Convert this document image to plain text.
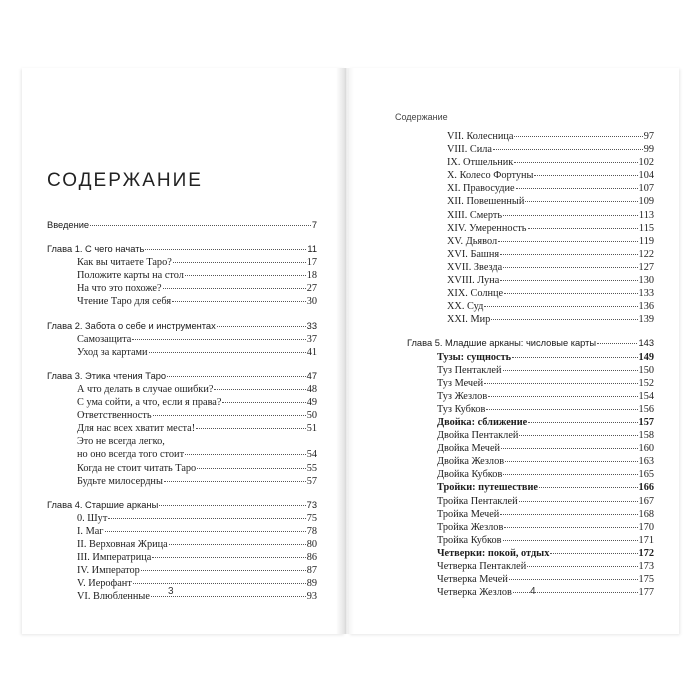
СОДЕРЖАНИЕ
Введение	7
Глава 1. С чего начать	11
Как вы читаете Таро?	17
Положите карты на стол	18
На что это похоже?	27
Чтение Таро для себя	30
Глава 2. Забота о себе и инструментах	33
Самозащита	37
Уход за картами	41
Глава 3. Этика чтения Таро	47
А что делать в случае ошибки?	48
С ума сойти, а что, если я права?	49
Ответственность	50
Для нас всех хватит места!	51
Это не всегда легко,
но оно всегда того стоит	54
Когда не стоит читать Таро	55
Будьте милосердны	57
Глава 4. Старшие арканы	73
0. Шут	75
I. Маг	78
II. Верховная Жрица	80
III. Императрица	86
IV. Император	87
V. Иерофант	89
VI. Влюбленные	93
3
Содержание
VII. Колесница	97
VIII. Сила	99
IX. Отшельник	102
X. Колесо Фортуны	104
XI. Правосудие	107
XII. Повешенный	109
XIII. Смерть	113
XIV. Умеренность	115
XV. Дьявол	119
XVI. Башня	122
XVII. Звезда	127
XVIII. Луна	130
XIX. Солнце	133
XX. Суд	136
XXI. Мир	139
Глава 5. Младшие арканы: числовые карты	143
Тузы: сущность	149
Туз Пентаклей	150
Туз Мечей	152
Туз Жезлов	154
Туз Кубков	156
Двойка: сближение	157
Двойка Пентаклей	158
Двойка Мечей	160
Двойка Жезлов	163
Двойка Кубков	165
Тройки: путешествие	166
Тройка Пентаклей	167
Тройка Мечей	168
Тройка Жезлов	170
Тройка Кубков	171
Четверки: покой, отдых	172
Четверка Пентаклей	173
Четверка Мечей	175
Четверка Жезлов	177
4
